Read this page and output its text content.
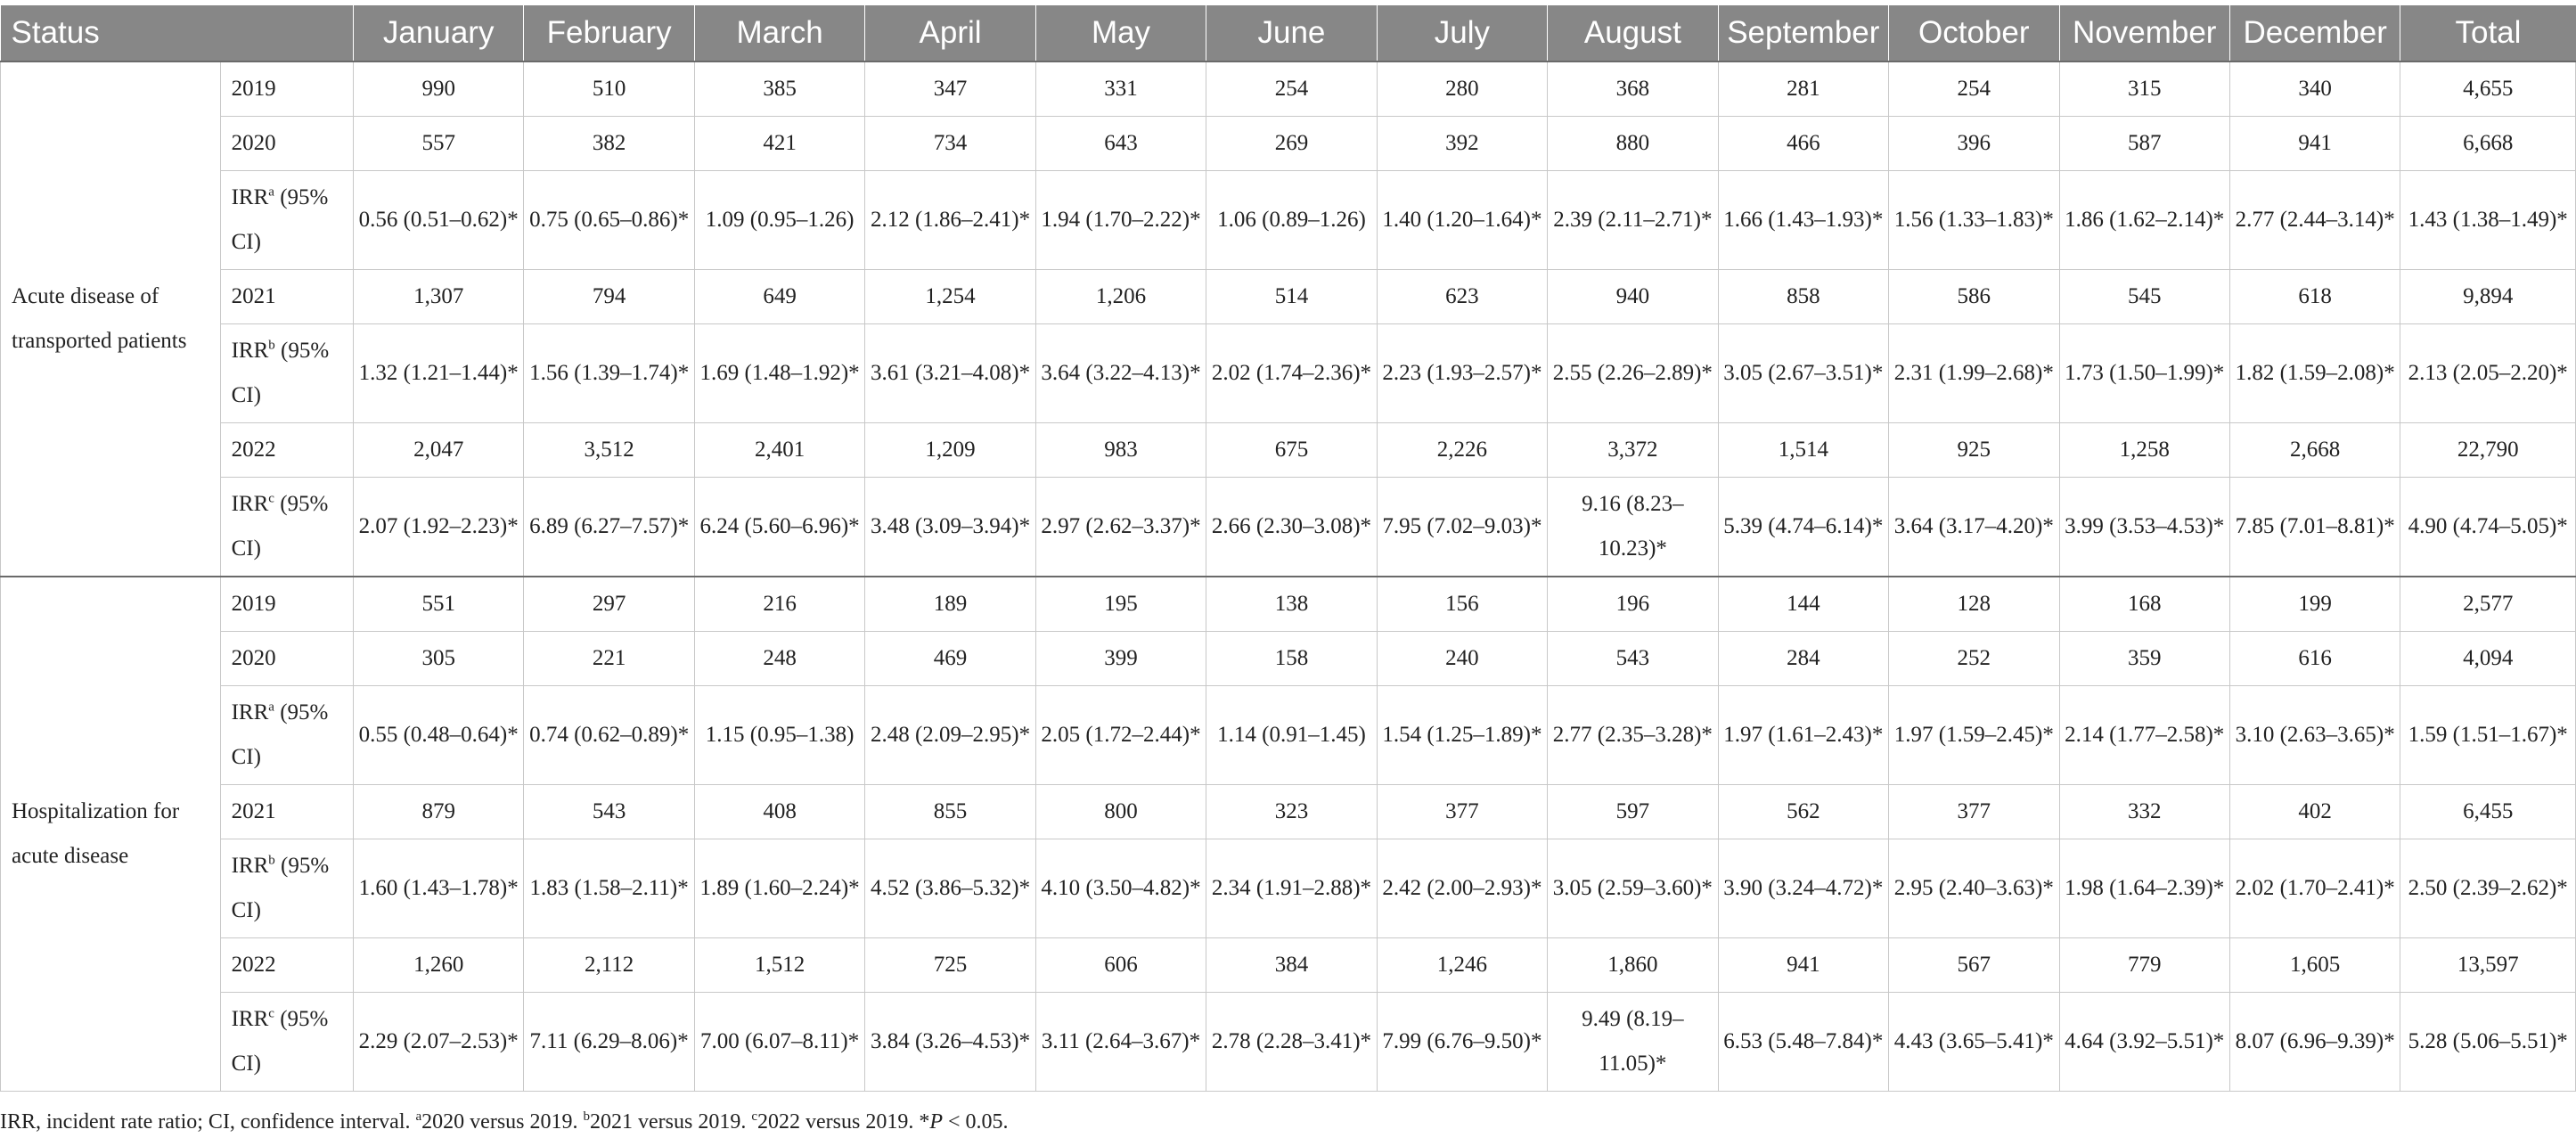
Status		January	February	March	April	May	June	July	August	September	October	November	December	Total
Acute disease of transported patients	2019	990	510	385	347	331	254	280	368	281	254	315	340	4,655
	2020	557	382	421	734	643	269	392	880	466	396	587	941	6,668
	IRR$^a$ (95% CI)	0.56 (0.51–0.62)*	0.75 (0.65–0.86)*	1.09 (0.95–1.26)	2.12 (1.86–2.41)*	1.94 (1.70–2.22)*	1.06 (0.89–1.26)	1.40 (1.20–1.64)*	2.39 (2.11–2.71)*	1.66 (1.43–1.93)*	1.56 (1.33–1.83)*	1.86 (1.62–2.14)*	2.77 (2.44–3.14)*	1.43 (1.38–1.49)*
	2021	1,307	794	649	1,254	1,206	514	623	940	858	586	545	618	9,894
	IRR$^b$ (95% CI)	1.32 (1.21–1.44)*	1.56 (1.39–1.74)*	1.69 (1.48–1.92)*	3.61 (3.21–4.08)*	3.64 (3.22–4.13)*	2.02 (1.74–2.36)*	2.23 (1.93–2.57)*	2.55 (2.26–2.89)*	3.05 (2.67–3.51)*	2.31 (1.99–2.68)*	1.73 (1.50–1.99)*	1.82 (1.59–2.08)*	2.13 (2.05–2.20)*
	2022	2,047	3,512	2,401	1,209	983	675	2,226	3,372	1,514	925	1,258	2,668	22,790
	IRR$^c$ (95% CI)	2.07 (1.92–2.23)*	6.89 (6.27–7.57)*	6.24 (5.60–6.96)*	3.48 (3.09–3.94)*	2.97 (2.62–3.37)*	2.66 (2.30–3.08)*	7.95 (7.02–9.03)*	9.16 (8.23–10.23)*	5.39 (4.74–6.14)*	3.64 (3.17–4.20)*	3.99 (3.53–4.53)*	7.85 (7.01–8.81)*	4.90 (4.74–5.05)*
Hospitalization for acute disease	2019	551	297	216	189	195	138	156	196	144	128	168	199	2,577
	2020	305	221	248	469	399	158	240	543	284	252	359	616	4,094
	IRR$^a$ (95% CI)	0.55 (0.48–0.64)*	0.74 (0.62–0.89)*	1.15 (0.95–1.38)	2.48 (2.09–2.95)*	2.05 (1.72–2.44)*	1.14 (0.91–1.45)	1.54 (1.25–1.89)*	2.77 (2.35–3.28)*	1.97 (1.61–2.43)*	1.97 (1.59–2.45)*	2.14 (1.77–2.58)*	3.10 (2.63–3.65)*	1.59 (1.51–1.67)*
	2021	879	543	408	855	800	323	377	597	562	377	332	402	6,455
	IRR$^b$ (95% CI)	1.60 (1.43–1.78)*	1.83 (1.58–2.11)*	1.89 (1.60–2.24)*	4.52 (3.86–5.32)*	4.10 (3.50–4.82)*	2.34 (1.91–2.88)*	2.42 (2.00–2.93)*	3.05 (2.59–3.60)*	3.90 (3.24–4.72)*	2.95 (2.40–3.63)*	1.98 (1.64–2.39)*	2.02 (1.70–2.41)*	2.50 (2.39–2.62)*
	2022	1,260	2,112	1,512	725	606	384	1,246	1,860	941	567	779	1,605	13,597
	IRR$^c$ (95% CI)	2.29 (2.07–2.53)*	7.11 (6.29–8.06)*	7.00 (6.07–8.11)*	3.84 (3.26–4.53)*	3.11 (2.64–3.67)*	2.78 (2.28–3.41)*	7.99 (6.76–9.50)*	9.49 (8.19–11.05)*	6.53 (5.48–7.84)*	4.43 (3.65–5.41)*	4.64 (3.92–5.51)*	8.07 (6.96–9.39)*	5.28 (5.06–5.51)*
IRR, incident rate ratio; CI, confidence interval. $^a$2020 versus 2019. $^b$2021 versus 2019. $^c$2022 versus 2019. *P < 0.05.
